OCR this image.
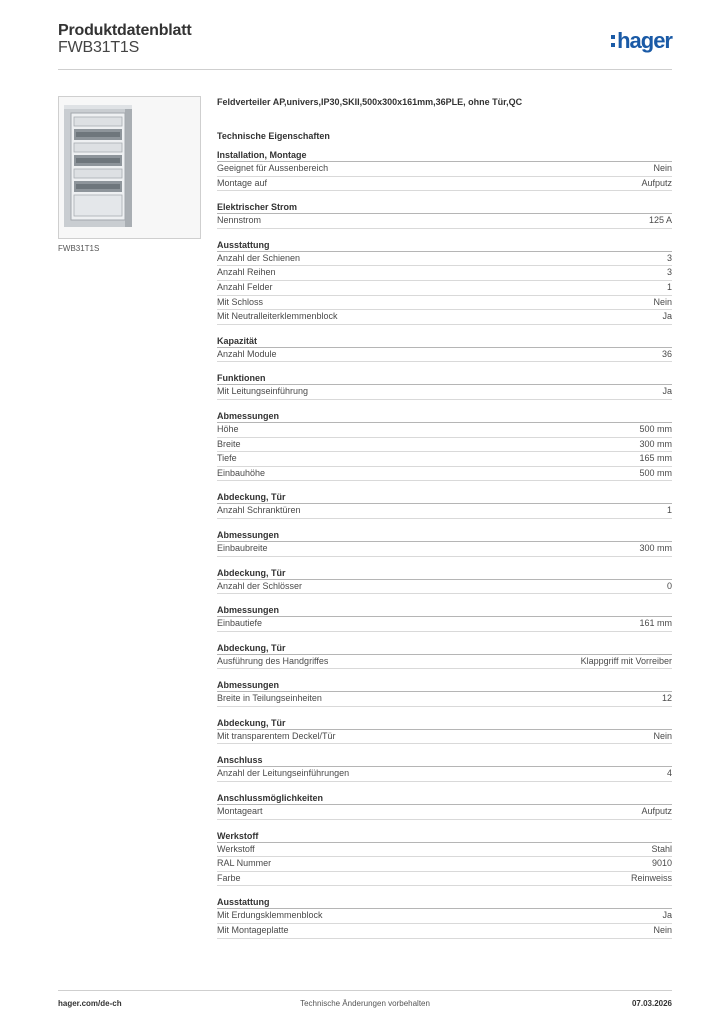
Produktdatenblatt
FWB31T1S	hager
FWB31T1S
Feldverteiler AP,univers,IP30,SKII,500x300x161mm,36PLE, ohne Tür,QC
Technische Eigenschaften
Installation, Montage
Geeignet für Aussenbereich	Nein
Montage auf	Aufputz
Elektrischer Strom
Nennstrom	125 A
Ausstattung
Anzahl der Schienen	3
Anzahl Reihen	3
Anzahl Felder	1
Mit Schloss	Nein
Mit Neutralleiterklemmenblock	Ja
Kapazität
Anzahl Module	36
Funktionen
Mit Leitungseinführung	Ja
Abmessungen
Höhe	500 mm
Breite	300 mm
Tiefe	165 mm
Einbauhöhe	500 mm
Abdeckung, Tür
Anzahl Schranktüren	1
Abmessungen
Einbaubreite	300 mm
Abdeckung, Tür
Anzahl der Schlösser	0
Abmessungen
Einbautiefe	161 mm
Abdeckung, Tür
Ausführung des Handgriffes	Klappgriff mit Vorreiber
Abmessungen
Breite in Teilungseinheiten	12
Abdeckung, Tür
Mit transparentem Deckel/Tür	Nein
Anschluss
Anzahl der Leitungseinführungen	4
Anschlussmöglichkeiten
Montageart	Aufputz
Werkstoff
Werkstoff	Stahl
RAL Nummer	9010
Farbe	Reinweiss
Ausstattung
Mit Erdungsklemmenblock	Ja
Mit Montageplatte	Nein
hager.com/de-ch	Technische Änderungen vorbehalten	07.03.2026
